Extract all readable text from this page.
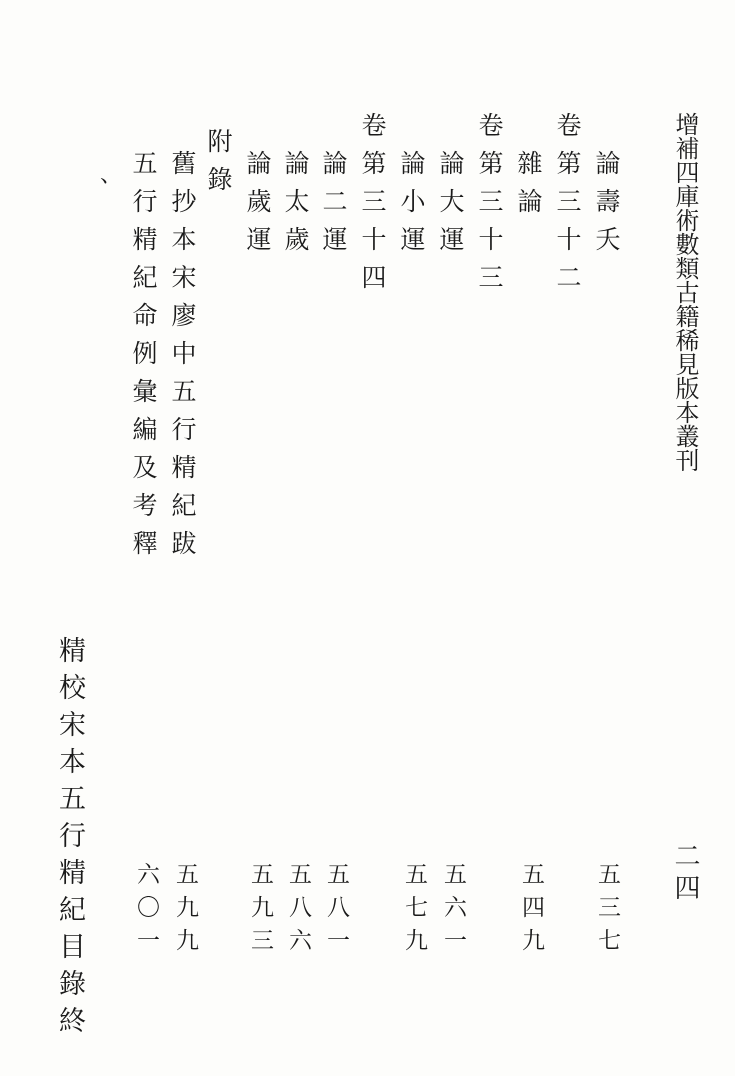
增補四庫術數類古籍稀見版本叢刊
二四
論壽夭
五三七
卷第三十二
雜論
五四九
卷第三十三
論大運
五六一
論小運
五七九
卷第三十四
論二運
五八一
論太歲
五八六
論歲運
五九三
附錄
舊抄本宋廖中五行精紀跋
五九九
五行精紀命例彙編及考釋
六〇一
、
精校宋本五行精紀目錄終
